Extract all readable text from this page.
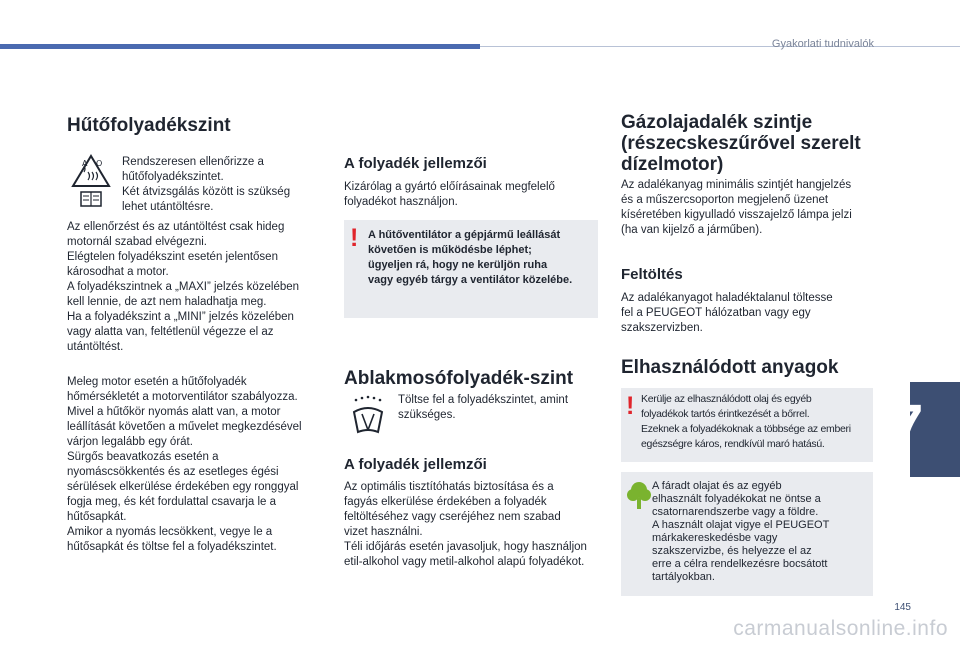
Gyakorlati tudnivalók
Hűtőfolyadékszint
A O Rendszeresen ellenőrizze a
hűtőfolyadékszintet.
Két átvizsgálás között is szükség
lehet utántöltésre.
Az ellenőrzést és az utántöltést csak hideg
motornál szabad elvégezni.
Elégtelen folyadékszint esetén jelentősen
károsodhat a motor.
A folyadékszintnek a „MAXI” jelzés közelében
kell lennie, de azt nem haladhatja meg.
Ha a folyadékszint a „MINI” jelzés közelében
vagy alatta van, feltétlenül végezze el az
utántöltést.
Meleg motor esetén a hűtőfolyadék
hőmérsékletét a motorventilátor szabályozza.
Mivel a hűtőkör nyomás alatt van, a motor
leállítását követően a művelet megkezdésével
várjon legalább egy órát.
Sürgős beavatkozás esetén a
nyomáscsökkentés és az esetleges égési
sérülések elkerülése érdekében egy ronggyal
fogja meg, és két fordulattal csavarja le a
hűtősapkát.
Amikor a nyomás lecsökkent, vegye le a
hűtősapkát és töltse fel a folyadékszintet.
A folyadék jellemzői
Kizárólag a gyártó előírásainak megfelelő
folyadékot használjon.
! A hűtőventilátor a gépjármű leállását
követően is működésbe léphet;
ügyeljen rá, hogy ne kerüljön ruha
vagy egyéb tárgy a ventilátor közelébe.
Ablakmosófolyadék-szint
Töltse fel a folyadékszintet, amint
szükséges.
A folyadék jellemzői
Az optimális tisztítóhatás biztosítása és a
fagyás elkerülése érdekében a folyadék
feltöltéséhez vagy cseréjéhez nem szabad
vizet használni.
Téli időjárás esetén javasoljuk, hogy használjon
etil-alkohol vagy metil-alkohol alapú folyadékot.
Gázolajadalék szintje
(részecskeszűrővel szerelt
dízelmotor)
Az adalékanyag minimális szintjét hangjelzés
és a műszercsoporton megjelenő üzenet
kíséretében kigyulladó visszajelző lámpa jelzi
(ha van kijelző a járműben).
Feltöltés
Az adalékanyagot haladéktalanul töltesse
fel a PEUGEOT hálózatban vagy egy
szakszervizben.
Elhasználódott anyagok
! Kerülje az elhasználódott olaj és egyéb
folyadékok tartós érintkezését a bőrrel.
Ezeknek a folyadékoknak a többsége az emberi
egészségre káros, rendkívül maró hatású.
A fáradt olajat és az egyéb
elhasznált folyadékokat ne öntse a
csatornarendszerbe vagy a földre.
A használt olajat vigye el PEUGEOT
márkakereskedésbe vagy
szakszervizbe, és helyezze el az
erre a célra rendelkezésre bocsátott
tartályokban.
7
145
carmanualsonline.info
